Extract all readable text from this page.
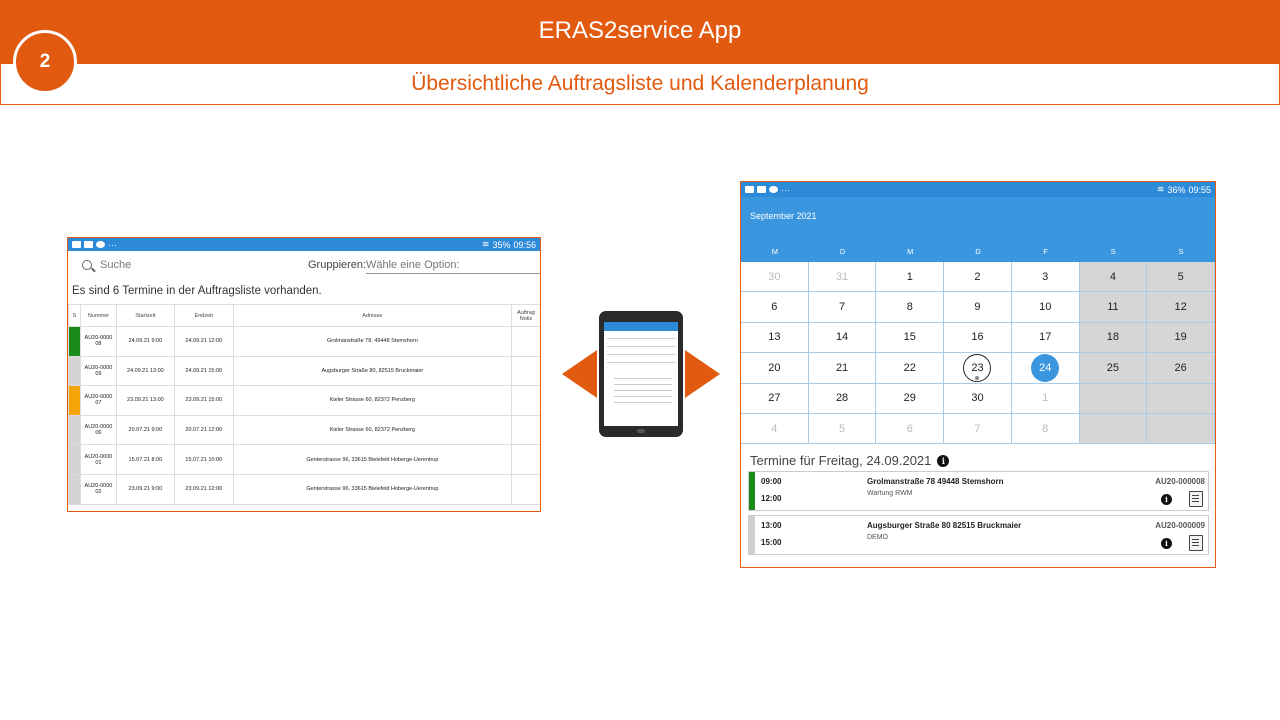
ERAS2service App
Übersichtliche Auftragsliste und Kalenderplanung
2
···	≋ 35% 09:56
Suche	Gruppieren: Wähle eine Option:
Es sind 6 Termine in der Auftragsliste vorhanden.
S	Nummer	Startzeit	Endzeit	Adresse	Auftrag Notiz
	AU20-0000 08	24.09.21 9:00	24.09.21 12:00	Grolmanstraße 78, 49448 Stemshorn	
	AU20-0000 09	24.09.21 13:00	24.09.21 15:00	Augsburger Straße 80, 82515 Bruckmaier	
	AU20-0000 07	23.09.21 13:00	23.09.21 15:00	Kieler Strasse 60, 82372 Penzberg	
	AU20-0000 06	20.07.21 9:00	20.07.21 12:00	Kieler Strasse 60, 82372 Penzberg	
	AU20-0000 01	15.07.21 8:00	15.07.21 10:00	Genterstrasse 96, 33615 Bielefeld Hoberge-Uerentrup	
	AU20-0000 02	23.09.21 9:00	23.09.21 12:00	Genterstrasse 96, 33615 Bielefeld Hoberge-Uerentrup	
···	≋ 36% 09:55
September 2021
M	D	M	D	F	S	S
30	31	1	2	3	4	5
6	7	8	9	10	11	12
13	14	15	16	17	18	19
20	21	22	23	24	25	26
27	28	29	30	1
4	5	6	7	8
Termine für Freitag, 24.09.2021 i
09:00
12:00
Grolmanstraße 78 49448 Stemshorn
Wartung RWM
AU20-000008
i
13:00
15:00
Augsburger Straße 80 82515 Bruckmaier
DEMO
AU20-000009
i
